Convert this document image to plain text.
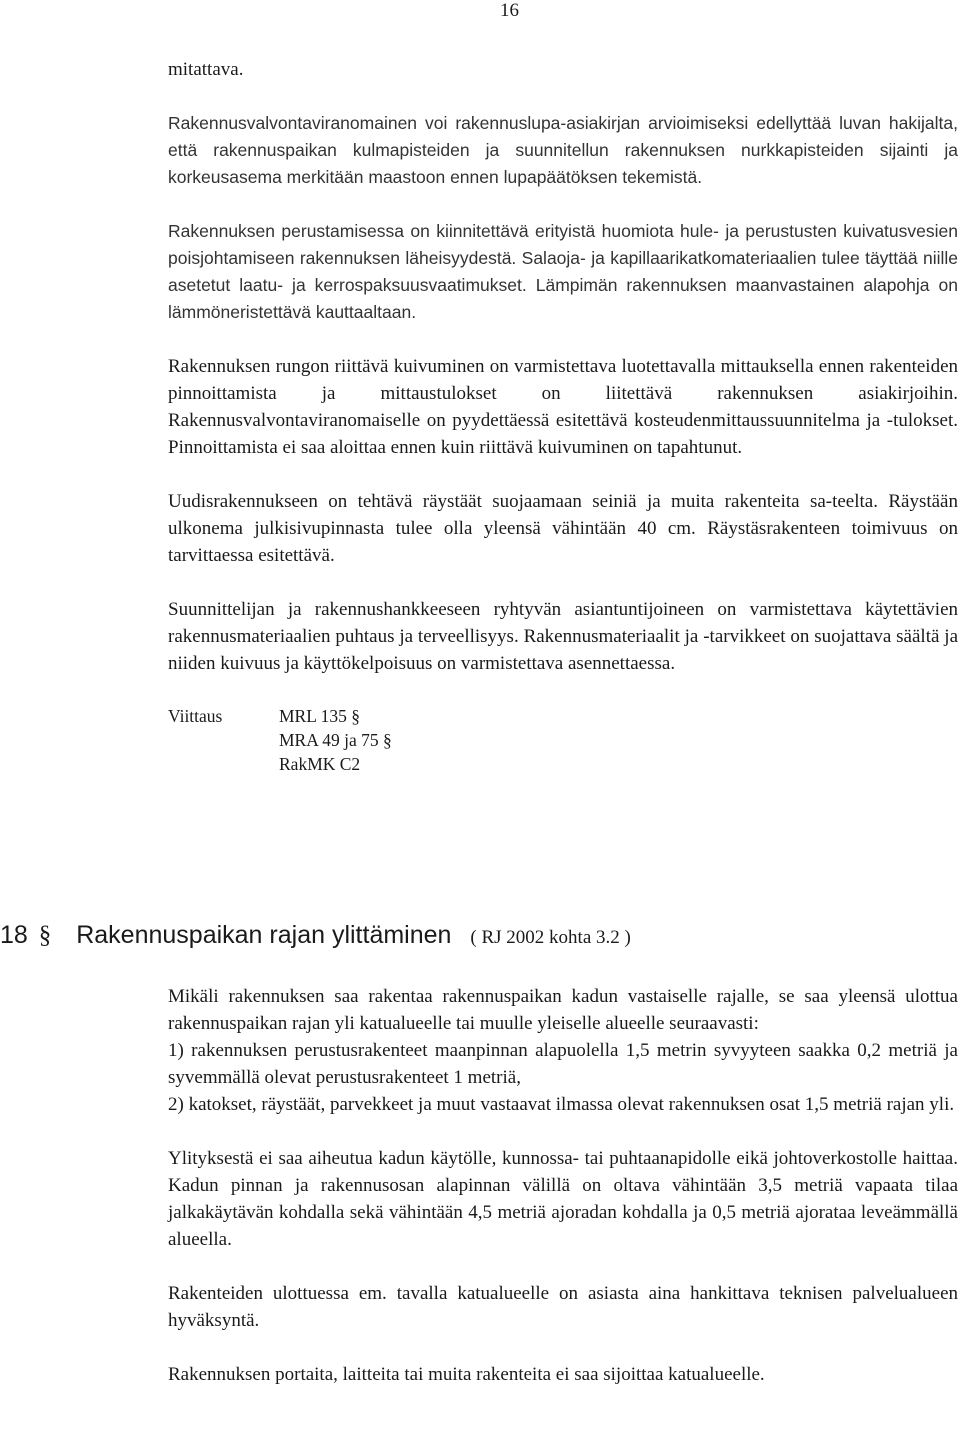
16

mitattava.

Rakennusvalvontaviranomainen voi rakennuslupa-asiakirjan arvioimiseksi edellyttää luvan hakijalta, että rakennuspaikan kulmapisteiden ja suunnitellun rakennuksen nurkkapisteiden sijainti ja korkeusasema merkitään maastoon ennen lupapäätöksen tekemistä.

Rakennuksen perustamisessa on kiinnitettävä erityistä huomiota hule- ja perustusten kuivatusvesien poisjohtamiseen rakennuksen läheisyydestä. Salaoja- ja kapillaarikatkomateriaalien tulee täyttää niille asetetut laatu- ja kerrospaksuusvaatimukset. Lämpimän rakennuksen maanvastainen alapohja on lämmöneristettävä kauttaaltaan.

Rakennuksen rungon riittävä kuivuminen on varmistettava luotettavalla mittauksella ennen rakenteiden pinnoittamista ja mittaustulokset on liitettävä rakennuksen asiakirjoihin. Rakennusvalvontaviranomaiselle on pyydettäessä esitettävä kosteudenmittaussuunnitelma ja -tulokset. Pinnoittamista ei saa aloittaa ennen kuin riittävä kuivuminen on tapahtunut.

Uudisrakennukseen on tehtävä räystäät suojaamaan seiniä ja muita rakenteita sa-teelta. Räystään ulkonema julkisivupinnasta tulee olla yleensä vähintään 40 cm. Räystäsrakenteen toimivuus on tarvittaessa esitettävä.

Suunnittelijan ja rakennushankkeeseen ryhtyvän asiantuntijoineen on varmistettava käytettävien rakennusmateriaalien puhtaus ja terveellisyys. Rakennusmateriaalit ja -tarvikkeet on suojattava säältä ja niiden kuivuus ja käyttökelpoisuus on varmistettava asennettaessa.

Viittaus	MRL 135 §
MRA 49 ja 75 §
RakMK C2
18 § Rakennuspaikan rajan ylittäminen ( RJ 2002 kohta 3.2 )

Mikäli rakennuksen saa rakentaa rakennuspaikan kadun vastaiselle rajalle, se saa yleensä ulottua rakennuspaikan rajan yli katualueelle tai muulle yleiselle alueelle seuraavasti:

1) rakennuksen perustusrakenteet maanpinnan alapuolella 1,5 metrin syvyyteen saakka 0,2 metriä ja syvemmällä olevat perustusrakenteet 1 metriä,

2) katokset, räystäät, parvekkeet ja muut vastaavat ilmassa olevat rakennuksen osat 1,5 metriä rajan yli.

Ylityksestä ei saa aiheutua kadun käytölle, kunnossa- tai puhtaanapidolle eikä johtoverkostolle haittaa. Kadun pinnan ja rakennusosan alapinnan välillä on oltava vähintään 3,5 metriä vapaata tilaa jalkakäytävän kohdalla sekä vähintään 4,5 metriä ajoradan kohdalla ja 0,5 metriä ajorataa leveämmällä alueella.

Rakenteiden ulottuessa em. tavalla katualueelle on asiasta aina hankittava teknisen palvelualueen hyväksyntä.

Rakennuksen portaita, laitteita tai muita rakenteita ei saa sijoittaa katualueelle.
